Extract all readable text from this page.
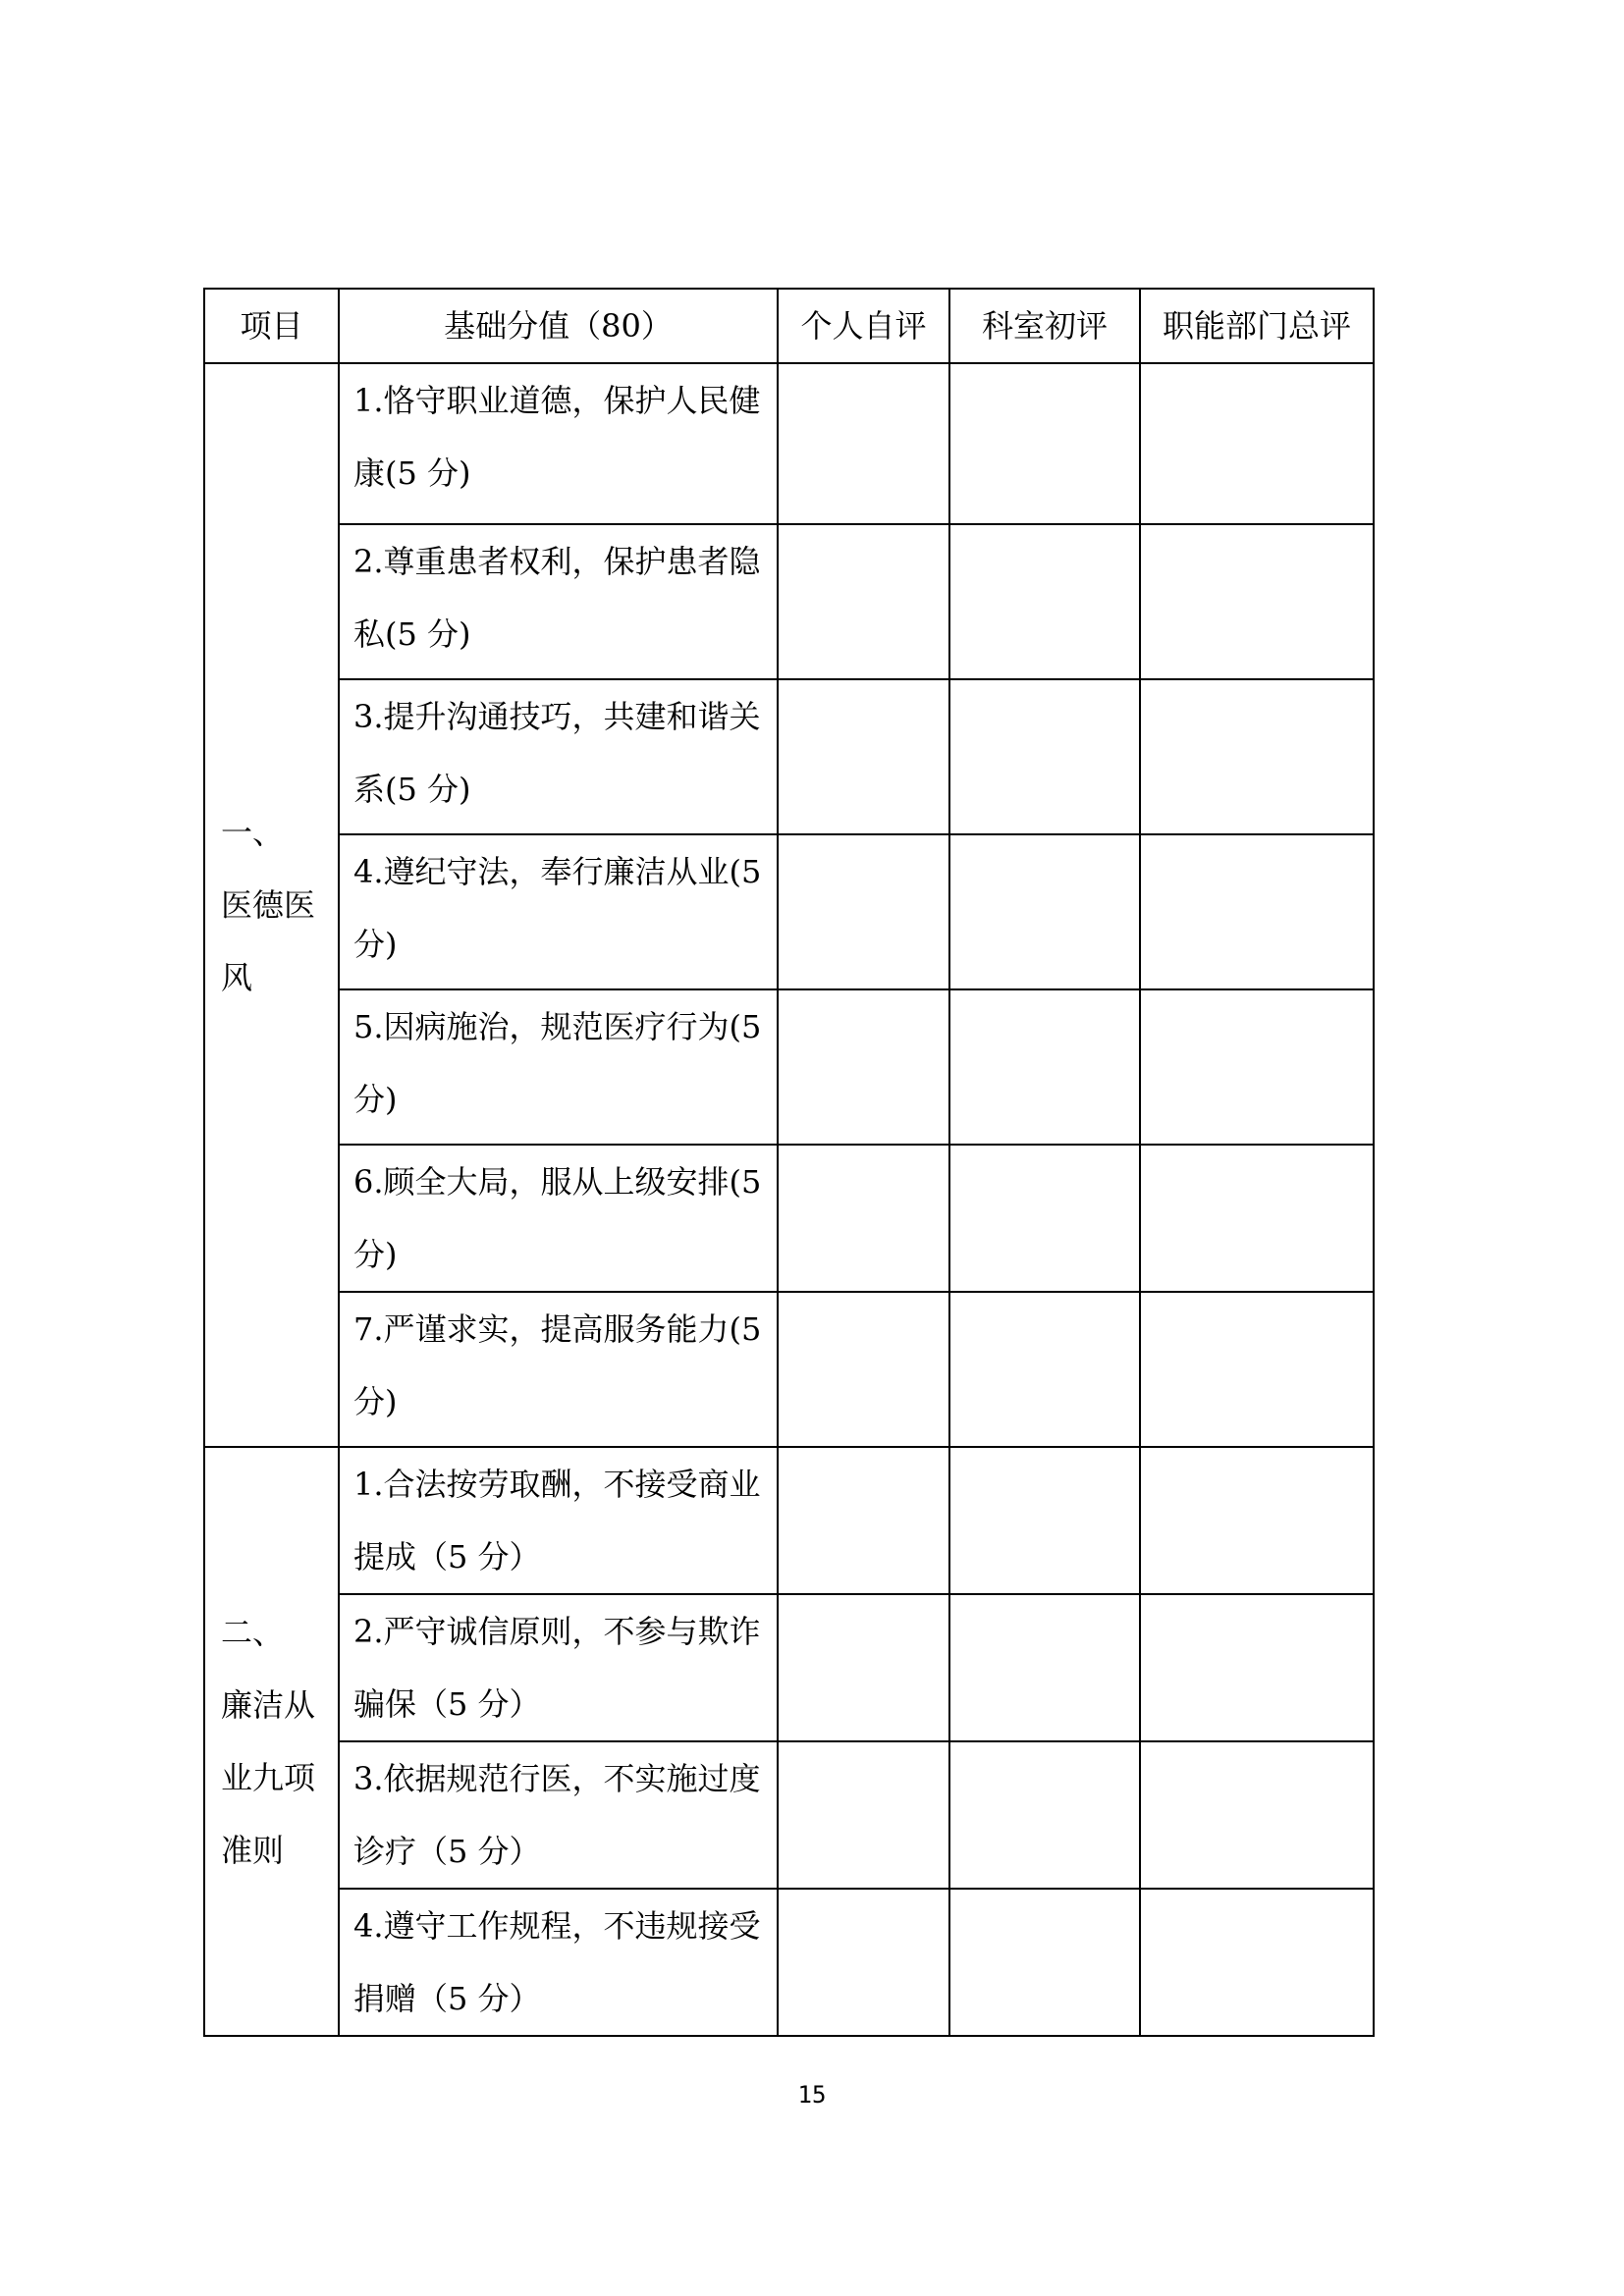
项目	基础分值（80）	个人自评	科室初评	职能部门总评
一、 医德医风	1.恪守职业道德，保护人民健康(5 分)			

	2.尊重患者权利，保护患者隐私(5 分)			

	3.提升沟通技巧，共建和谐关系(5 分)			

	4.遵纪守法，奉行廉洁从业(5 分)			

	5.因病施治，规范医疗行为(5 分)			

	6.顾全大局，服从上级安排(5 分)			

	7.严谨求实，提高服务能力(5 分)			

二、 廉洁从业九项准则	1.合法按劳取酬，不接受商业提成（5 分）			

	2.严守诚信原则，不参与欺诈骗保（5 分）			

	3.依据规范行医，不实施过度诊疗（5 分）			

	4.遵守工作规程，不违规接受捐赠（5 分）			

15
